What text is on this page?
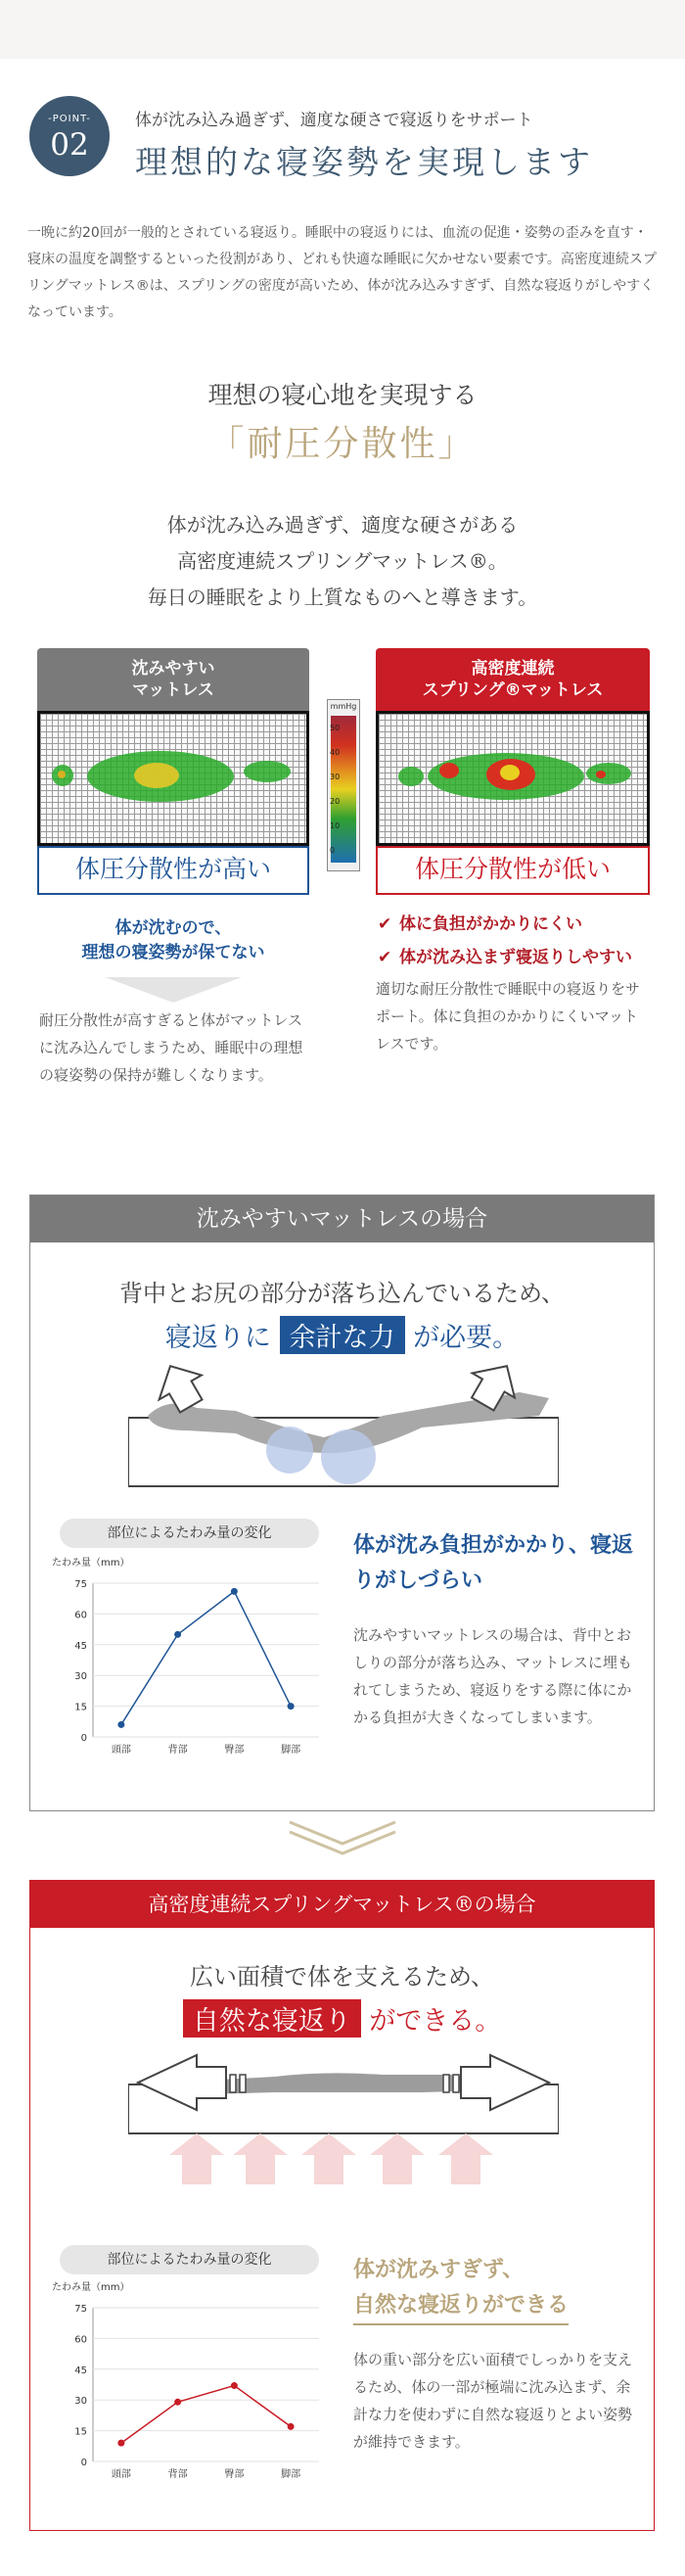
-POINT-
02
体が沈み込み過ぎず、適度な硬さで寝返りをサポート
理想的な寝姿勢を実現します
一晩に約20回が一般的とされている寝返り。睡眠中の寝返りには、血流の促進・姿勢の歪みを直す・寝床の温度を調整するといった役割があり、どれも快適な睡眠に欠かせない要素です。高密度連続スプリングマットレス®は、スプリングの密度が高いため、体が沈み込みすぎず、自然な寝返りがしやすくなっています。
理想の寝心地を実現する
「耐圧分散性」
体が沈み込み過ぎず、適度な硬さがある
高密度連続スプリングマットレス®。
毎日の睡眠をより上質なものへと導きます。
沈みやすい
マットレス
体圧分散性が高い
体が沈むので、
理想の寝姿勢が保てない
耐圧分散性が高すぎると体がマットレスに沈み込んでしまうため、睡眠中の理想の寝姿勢の保持が難しくなります。
mmHg
50
40
30
20
10
0
高密度連続
スプリング®マットレス
体圧分散性が低い
✔ 体に負担がかかりにくい
✔ 体が沈み込まず寝返りしやすい
適切な耐圧分散性で睡眠中の寝返りをサポート。体に負担のかかりにくいマットレスです。
沈みやすいマットレスの場合
背中とお尻の部分が落ち込んでいるため、
寝返りに 余計な力 が必要。
部位によるたわみ量の変化
たわみ量（mm）
0
15
30
45
60
75
頭部	背部	臀部	脚部
体が沈み負担がかかり、寝返りがしづらい
沈みやすいマットレスの場合は、背中とおしりの部分が落ち込み、マットレスに埋もれてしまうため、寝返りをする際に体にかかる負担が大きくなってしまいます。
高密度連続スプリングマットレス®の場合
広い面積で体を支えるため、
自然な寝返り ができる。
部位によるたわみ量の変化
たわみ量（mm）
0
15
30
45
60
75
頭部	背部	臀部	脚部
体が沈みすぎず、
自然な寝返りができる
体の重い部分を広い面積でしっかりを支えるため、体の一部が極端に沈み込まず、余計な力を使わずに自然な寝返りとよい姿勢が維持できます。
